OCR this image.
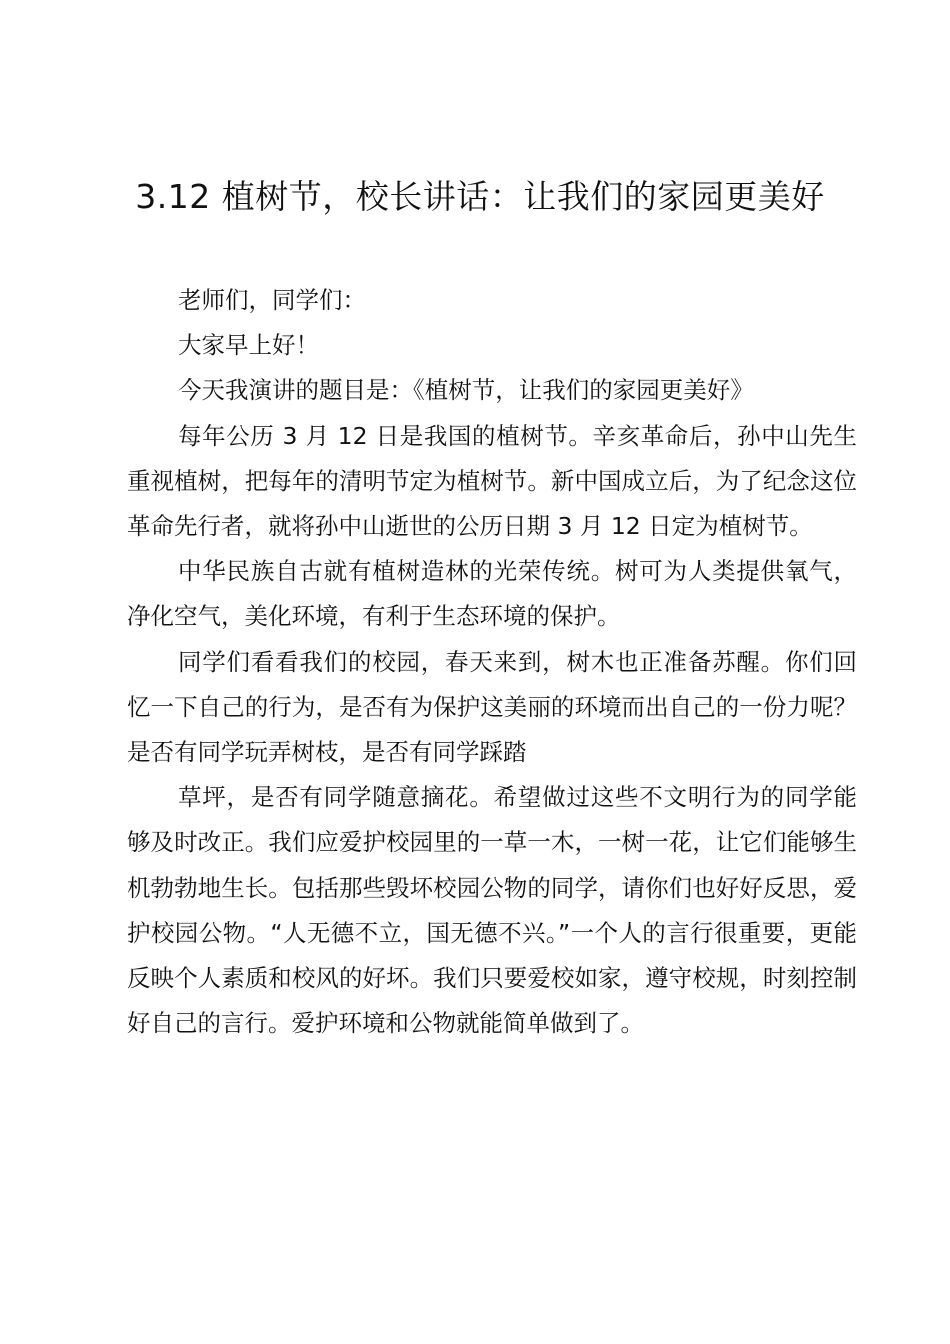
3.12 植树节，校长讲话：让我们的家园更美好

老师们，同学们：

大家早上好！

今天我演讲的题目是：《植树节，让我们的家园更美好》

每年公历 3 月 12 日是我国的植树节。辛亥革命后，孙中山先生重视植树，把每年的清明节定为植树节。新中国成立后，为了纪念这位革命先行者，就将孙中山逝世的公历日期 3 月 12 日定为植树节。

中华民族自古就有植树造林的光荣传统。树可为人类提供氧气，净化空气，美化环境，有利于生态环境的保护。

同学们看看我们的校园，春天来到，树木也正准备苏醒。你们回忆一下自己的行为，是否有为保护这美丽的环境而出自己的一份力呢？是否有同学玩弄树枝，是否有同学踩踏

草坪，是否有同学随意摘花。希望做过这些不文明行为的同学能够及时改正。我们应爱护校园里的一草一木，一树一花，让它们能够生机勃勃地生长。包括那些毁坏校园公物的同学，请你们也好好反思，爱护校园公物。“人无德不立，国无德不兴。”一个人的言行很重要，更能反映个人素质和校风的好坏。我们只要爱校如家，遵守校规，时刻控制好自己的言行。爱护环境和公物就能简单做到了。
